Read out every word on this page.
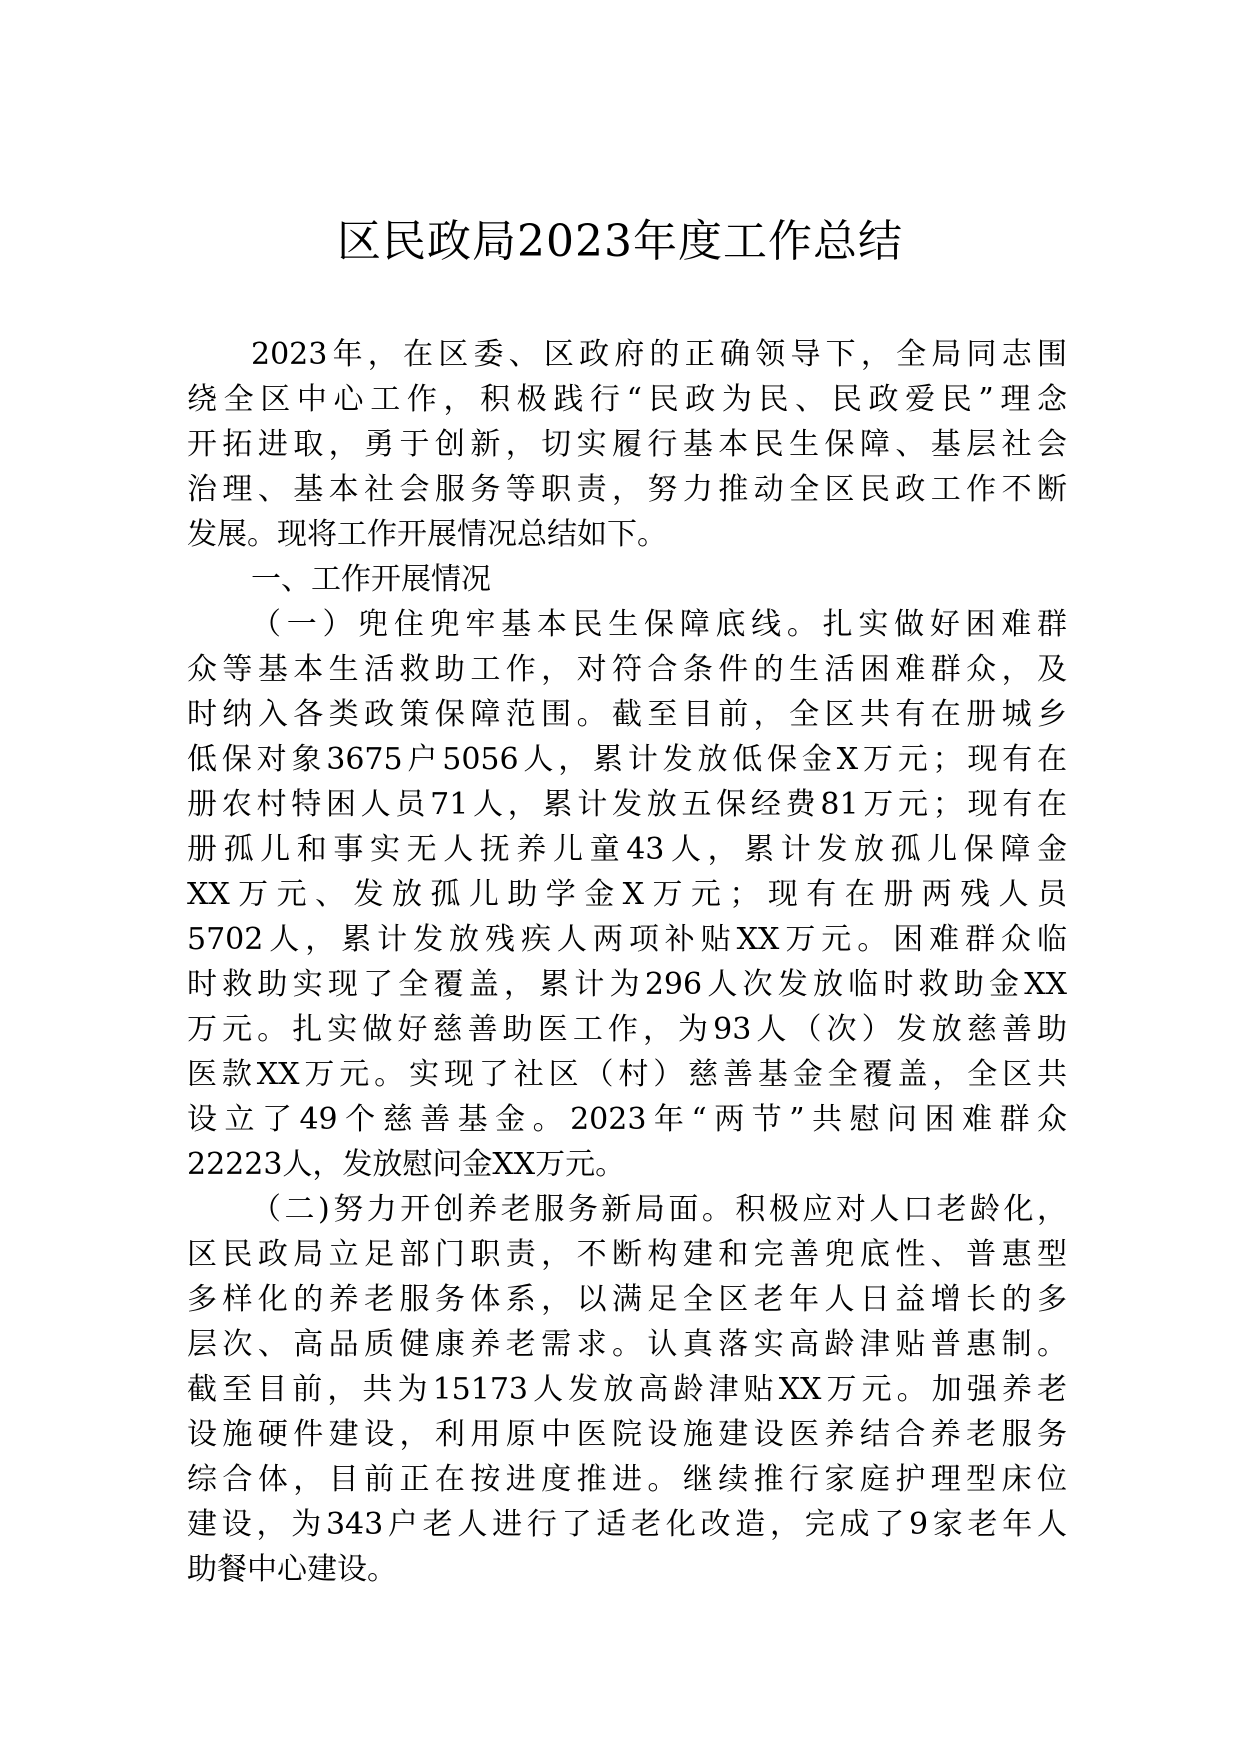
区民政局2023年度工作总结
2023年，在区委、区政府的正确领导下，全局同志围
绕全区中心工作，积极践行“民政为民、民政爱民”理念
开拓进取，勇于创新，切实履行基本民生保障、基层社会
治理、基本社会服务等职责，努力推动全区民政工作不断
发展。现将工作开展情况总结如下。
一、工作开展情况
（一）兜住兜牢基本民生保障底线。扎实做好困难群
众等基本生活救助工作，对符合条件的生活困难群众，及
时纳入各类政策保障范围。截至目前，全区共有在册城乡
低保对象3675户5056人，累计发放低保金X万元；现有在
册农村特困人员71人，累计发放五保经费81万元；现有在
册孤儿和事实无人抚养儿童43人，累计发放孤儿保障金
XX万元、发放孤儿助学金X万元；现有在册两残人员
5702人，累计发放残疾人两项补贴XX万元。困难群众临
时救助实现了全覆盖，累计为296人次发放临时救助金XX
万元。扎实做好慈善助医工作，为93人（次）发放慈善助
医款XX万元。实现了社区（村）慈善基金全覆盖，全区共
设立了49个慈善基金。2023年“两节”共慰问困难群众
22223人，发放慰问金XX万元。
（二)努力开创养老服务新局面。积极应对人口老龄化，
区民政局立足部门职责，不断构建和完善兜底性、普惠型
多样化的养老服务体系，以满足全区老年人日益增长的多
层次、高品质健康养老需求。认真落实高龄津贴普惠制。
截至目前，共为15173人发放高龄津贴XX万元。加强养老
设施硬件建设，利用原中医院设施建设医养结合养老服务
综合体，目前正在按进度推进。继续推行家庭护理型床位
建设，为343户老人进行了适老化改造，完成了9家老年人
助餐中心建设。
